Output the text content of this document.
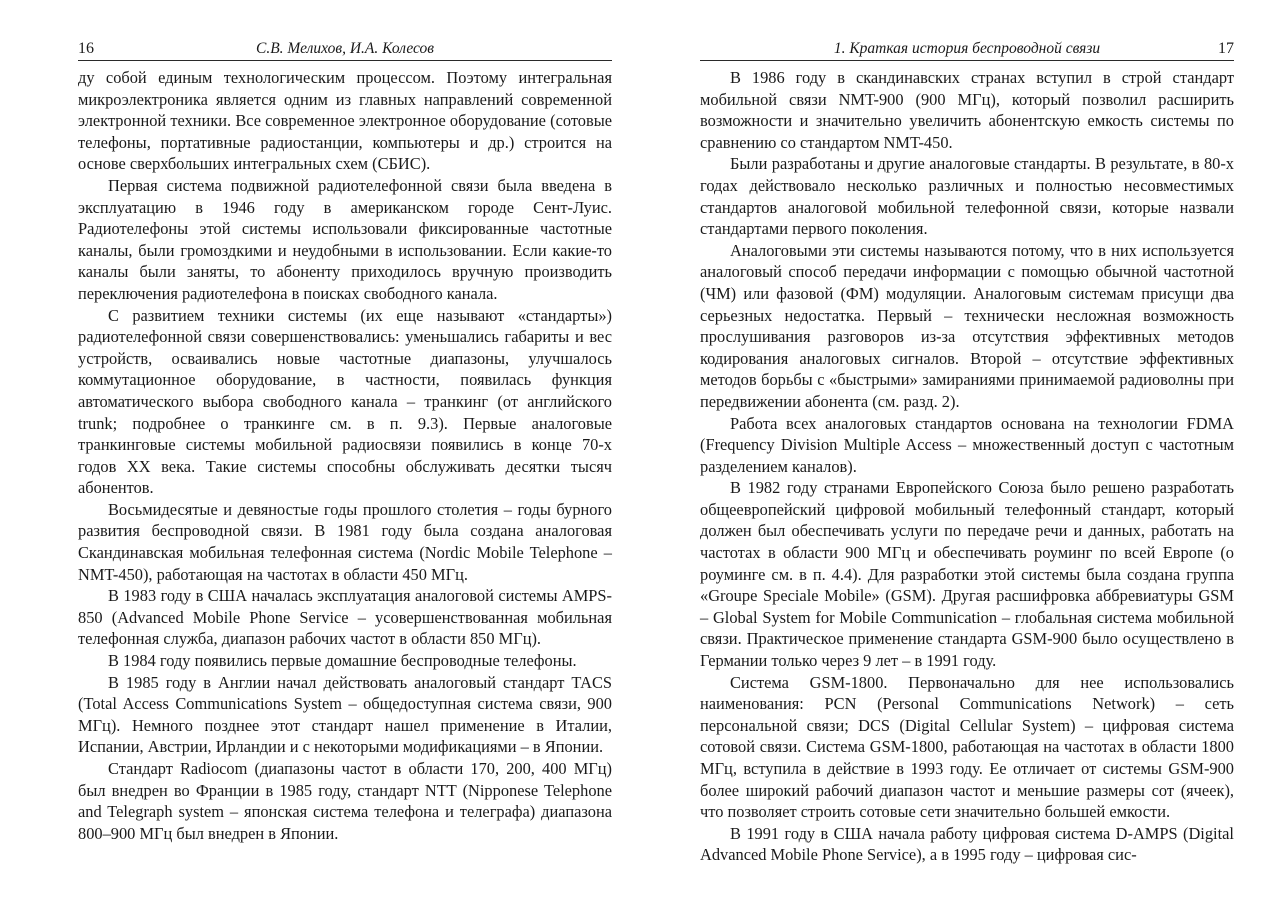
16	С.В. Мелихов, И.А. Колесов

ду собой единым технологическим процессом. Поэтому интегральная микроэлектроника является одним из главных направлений современной электронной техники. Все современное электронное оборудование (сотовые телефоны, портативные радиостанции, компьютеры и др.) строится на основе сверхбольших интегральных схем (СБИС).

Первая система подвижной радиотелефонной связи была введена в эксплуатацию в 1946 году в американском городе Сент-Луис. Радиотелефоны этой системы использовали фиксированные частотные каналы, были громоздкими и неудобными в использовании. Если какие-то каналы были заняты, то абоненту приходилось вручную производить переключения радиотелефона в поисках свободного канала.

С развитием техники системы (их еще называют «стандарты») радиотелефонной связи совершенствовались: уменьшались габариты и вес устройств, осваивались новые частотные диапазоны, улучшалось коммутационное оборудование, в частности, появилась функция автоматического выбора свободного канала – транкинг (от английского trunk; подробнее о транкинге см. в п. 9.3). Первые аналоговые транкинговые системы мобильной радиосвязи появились в конце 70-х годов XX века. Такие системы способны обслуживать десятки тысяч абонентов.

Восьмидесятые и девяностые годы прошлого столетия – годы бурного развития беспроводной связи. В 1981 году была создана аналоговая Скандинавская мобильная телефонная система (Nordic Mobile Telephone – NMT-450), работающая на частотах в области 450 МГц.

В 1983 году в США началась эксплуатация аналоговой системы AMPS-850 (Advanced Mobile Phone Service – усовершенствованная мобильная телефонная служба, диапазон рабочих частот в области 850 МГц).

В 1984 году появились первые домашние беспроводные телефоны.

В 1985 году в Англии начал действовать аналоговый стандарт TACS (Total Access Communications System – общедоступная система связи, 900 МГц). Немного позднее этот стандарт нашел применение в Италии, Испании, Австрии, Ирландии и с некоторыми модификациями – в Японии.

Стандарт Radiocom (диапазоны частот в области 170, 200, 400 МГц) был внедрен во Франции в 1985 году, стандарт NTT (Nipponese Telephone and Telegraph system – японская система телефона и телеграфа) диапазона 800–900 МГц был внедрен в Японии.

1. Краткая история беспроводной связи	17

В 1986 году в скандинавских странах вступил в строй стандарт мобильной связи NMT-900 (900 МГц), который позволил расширить возможности и значительно увеличить абонентскую емкость системы по сравнению со стандартом NMT-450.

Были разработаны и другие аналоговые стандарты. В результате, в 80-х годах действовало несколько различных и полностью несовместимых стандартов аналоговой мобильной телефонной связи, которые назвали стандартами первого поколения.

Аналоговыми эти системы называются потому, что в них используется аналоговый способ передачи информации с помощью обычной частотной (ЧМ) или фазовой (ФМ) модуляции. Аналоговым системам присущи два серьезных недостатка. Первый – технически несложная возможность прослушивания разговоров из-за отсутствия эффективных методов кодирования аналоговых сигналов. Второй – отсутствие эффективных методов борьбы с «быстрыми» замираниями принимаемой радиоволны при передвижении абонента (см. разд. 2).

Работа всех аналоговых стандартов основана на технологии FDMA (Frequency Division Multiple Access – множественный доступ с частотным разделением каналов).

В 1982 году странами Европейского Союза было решено разработать общеевропейский цифровой мобильный телефонный стандарт, который должен был обеспечивать услуги по передаче речи и данных, работать на частотах в области 900 МГц и обеспечивать роуминг по всей Европе (о роуминге см. в п. 4.4). Для разработки этой системы была создана группа «Groupe Speciale Mobile» (GSM). Другая расшифровка аббревиатуры GSM – Global System for Mobile Communication – глобальная система мобильной связи. Практическое применение стандарта GSM-900 было осуществлено в Германии только через 9 лет – в 1991 году.

Система GSM-1800. Первоначально для нее использовались наименования: PCN (Personal Communications Network) – сеть персональной связи; DCS (Digital Cellular System) – цифровая система сотовой связи. Система GSM-1800, работающая на частотах в области 1800 МГц, вступила в действие в 1993 году. Ее отличает от системы GSM-900 более широкий рабочий диапазон частот и меньшие размеры сот (ячеек), что позволяет строить сотовые сети значительно большей емкости.

В 1991 году в США начала работу цифровая система D-AMPS (Digital Advanced Mobile Phone Service), а в 1995 году – цифровая сис-
